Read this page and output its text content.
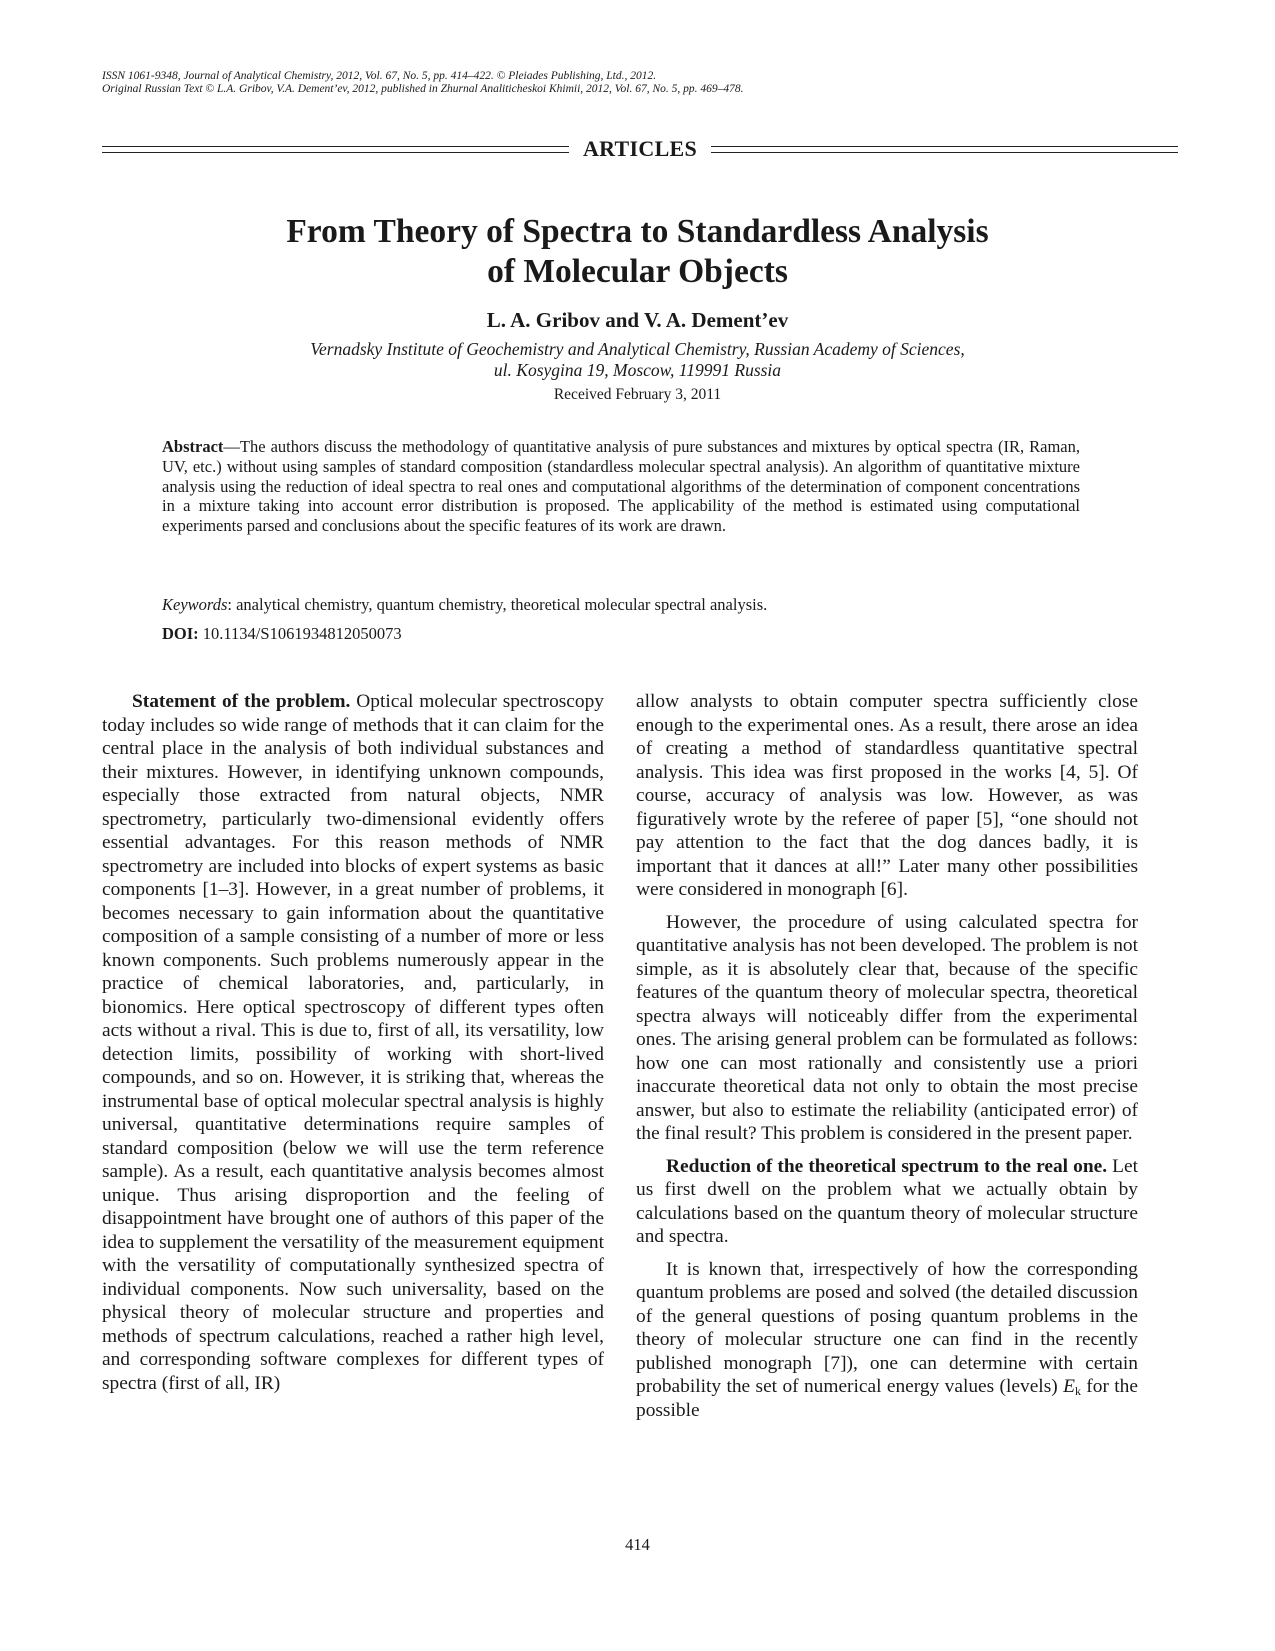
ISSN 1061-9348, Journal of Analytical Chemistry, 2012, Vol. 67, No. 5, pp. 414–422. © Pleiades Publishing, Ltd., 2012.
Original Russian Text © L.A. Gribov, V.A. Dement’ev, 2012, published in Zhurnal Analiticheskoi Khimii, 2012, Vol. 67, No. 5, pp. 469–478.
ARTICLES
From Theory of Spectra to Standardless Analysis
of Molecular Objects
L. A. Gribov and V. A. Dement’ev
Vernadsky Institute of Geochemistry and Analytical Chemistry, Russian Academy of Sciences,
ul. Kosygina 19, Moscow, 119991 Russia
Received February 3, 2011
Abstract—The authors discuss the methodology of quantitative analysis of pure substances and mixtures by optical spectra (IR, Raman, UV, etc.) without using samples of standard composition (standardless molecular spectral analysis). An algorithm of quantitative mixture analysis using the reduction of ideal spectra to real ones and computational algorithms of the determination of component concentrations in a mixture taking into account error distribution is proposed. The applicability of the method is estimated using computational experiments parsed and conclusions about the specific features of its work are drawn.
Keywords: analytical chemistry, quantum chemistry, theoretical molecular spectral analysis.
DOI: 10.1134/S1061934812050073

Statement of the problem. Optical molecular spectroscopy today includes so wide range of methods that it can claim for the central place in the analysis of both individual substances and their mixtures. However, in identifying unknown compounds, especially those extracted from natural objects, NMR spectrometry, particularly two-dimensional evidently offers essential advantages. For this reason methods of NMR spectrometry are included into blocks of expert systems as basic components [1–3]. However, in a great number of problems, it becomes necessary to gain information about the quantitative composition of a sample consisting of a number of more or less known components. Such problems numerously appear in the practice of chemical laboratories, and, particularly, in bionomics. Here optical spectroscopy of different types often acts without a rival. This is due to, first of all, its versatility, low detection limits, possibility of working with short-lived compounds, and so on. However, it is striking that, whereas the instrumental base of optical molecular spectral analysis is highly universal, quantitative determinations require samples of standard composition (below we will use the term reference sample). As a result, each quantitative analysis becomes almost unique. Thus arising disproportion and the feeling of disappointment have brought one of authors of this paper of the idea to supplement the versatility of the measurement equipment with the versatility of computationally synthesized spectra of individual components. Now such universality, based on the physical theory of molecular structure and properties and methods of spectrum calculations, reached a rather high level, and corresponding software complexes for different types of spectra (first of all, IR)

allow analysts to obtain computer spectra sufficiently close enough to the experimental ones. As a result, there arose an idea of creating a method of standardless quantitative spectral analysis. This idea was first proposed in the works [4, 5]. Of course, accuracy of analysis was low. However, as was figuratively wrote by the referee of paper [5], “one should not pay attention to the fact that the dog dances badly, it is important that it dances at all!” Later many other possibilities were considered in monograph [6].

However, the procedure of using calculated spectra for quantitative analysis has not been developed. The problem is not simple, as it is absolutely clear that, because of the specific features of the quantum theory of molecular spectra, theoretical spectra always will noticeably differ from the experimental ones. The arising general problem can be formulated as follows: how one can most rationally and consistently use a priori inaccurate theoretical data not only to obtain the most precise answer, but also to estimate the reliability (anticipated error) of the final result? This problem is considered in the present paper.

Reduction of the theoretical spectrum to the real one. Let us first dwell on the problem what we actually obtain by calculations based on the quantum theory of molecular structure and spectra.

It is known that, irrespectively of how the corresponding quantum problems are posed and solved (the detailed discussion of the general questions of posing quantum problems in the theory of molecular structure one can find in the recently published monograph [7]), one can determine with certain probability the set of numerical energy values (levels) $E_k$ for the possible

414
